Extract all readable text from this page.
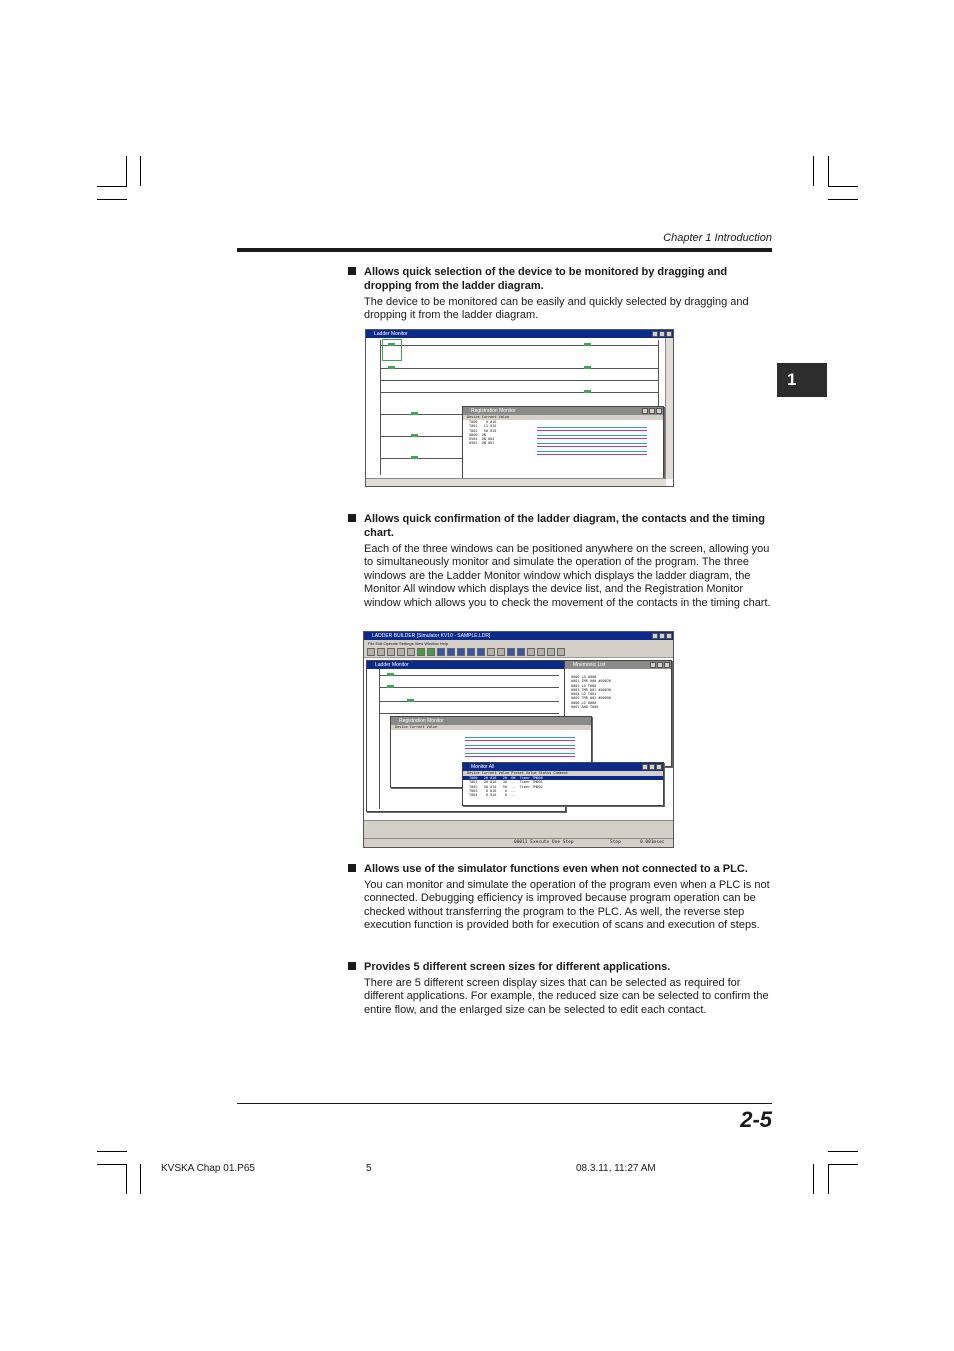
Chapter 1 Introduction
1
Allows quick selection of the device to be monitored by dragging and dropping from the ladder diagram.
The device to be monitored can be easily and quickly selected by dragging and dropping it from the ladder diagram.
Ladder Monitor
Registration Monitor
Device Current Value
T000    0 010
T001   11 010
T002   50 010
0800  ON
0504  ON 004
0502  ON 001
Allows quick confirmation of the ladder diagram, the contacts and the timing chart.
Each of the three windows can be positioned anywhere on the screen, allowing you to simultaneously monitor and simulate the operation of the program. The three windows are the Ladder Monitor window which displays the ladder diagram, the Monitor All window which displays the device list, and the Registration Monitor window which allows you to check the movement of the contacts in the timing chart.
LADDER BUILDER [Simulator KV10 - SAMPLE.LDR]
File Edit Operate Settings View Window Help
Ladder Monitor	Mnemonic List
0000 LD 0000
0001 TMR 000 #00020
0002 LD T000
0003 TMR 001 #00030
0004 LD T001
0005 TMR 002 #00050
0006 LD 0000
0007 AND T000
Registration Monitor
Device Current Value
Monitor All
Device Current Value Preset Value Status Comment
T000   20 010   20  ON  Timer TM000
T001   30 010   30  --  Timer TM001
T002   50 010   50  --  Timer TM002
T003    0 010    0  --
T004    0 010    0  --
00011 Execute One Step	Stop	0.001msec
Allows use of the simulator functions even when not connected to a PLC.
You can monitor and simulate the operation of the program even when a PLC is not connected. Debugging efficiency is improved because program operation can be checked without transferring the program to the PLC. As well, the reverse step execution function is provided both for execution of scans and execution of steps.
Provides 5 different screen sizes for different applications.
There are 5 different screen display sizes that can be selected as required for different applications. For example, the reduced size can be selected to confirm the entire flow, and the enlarged size can be selected to edit each contact.
2-5
KVSKA Chap 01.P65	5	08.3.11, 11:27 AM
